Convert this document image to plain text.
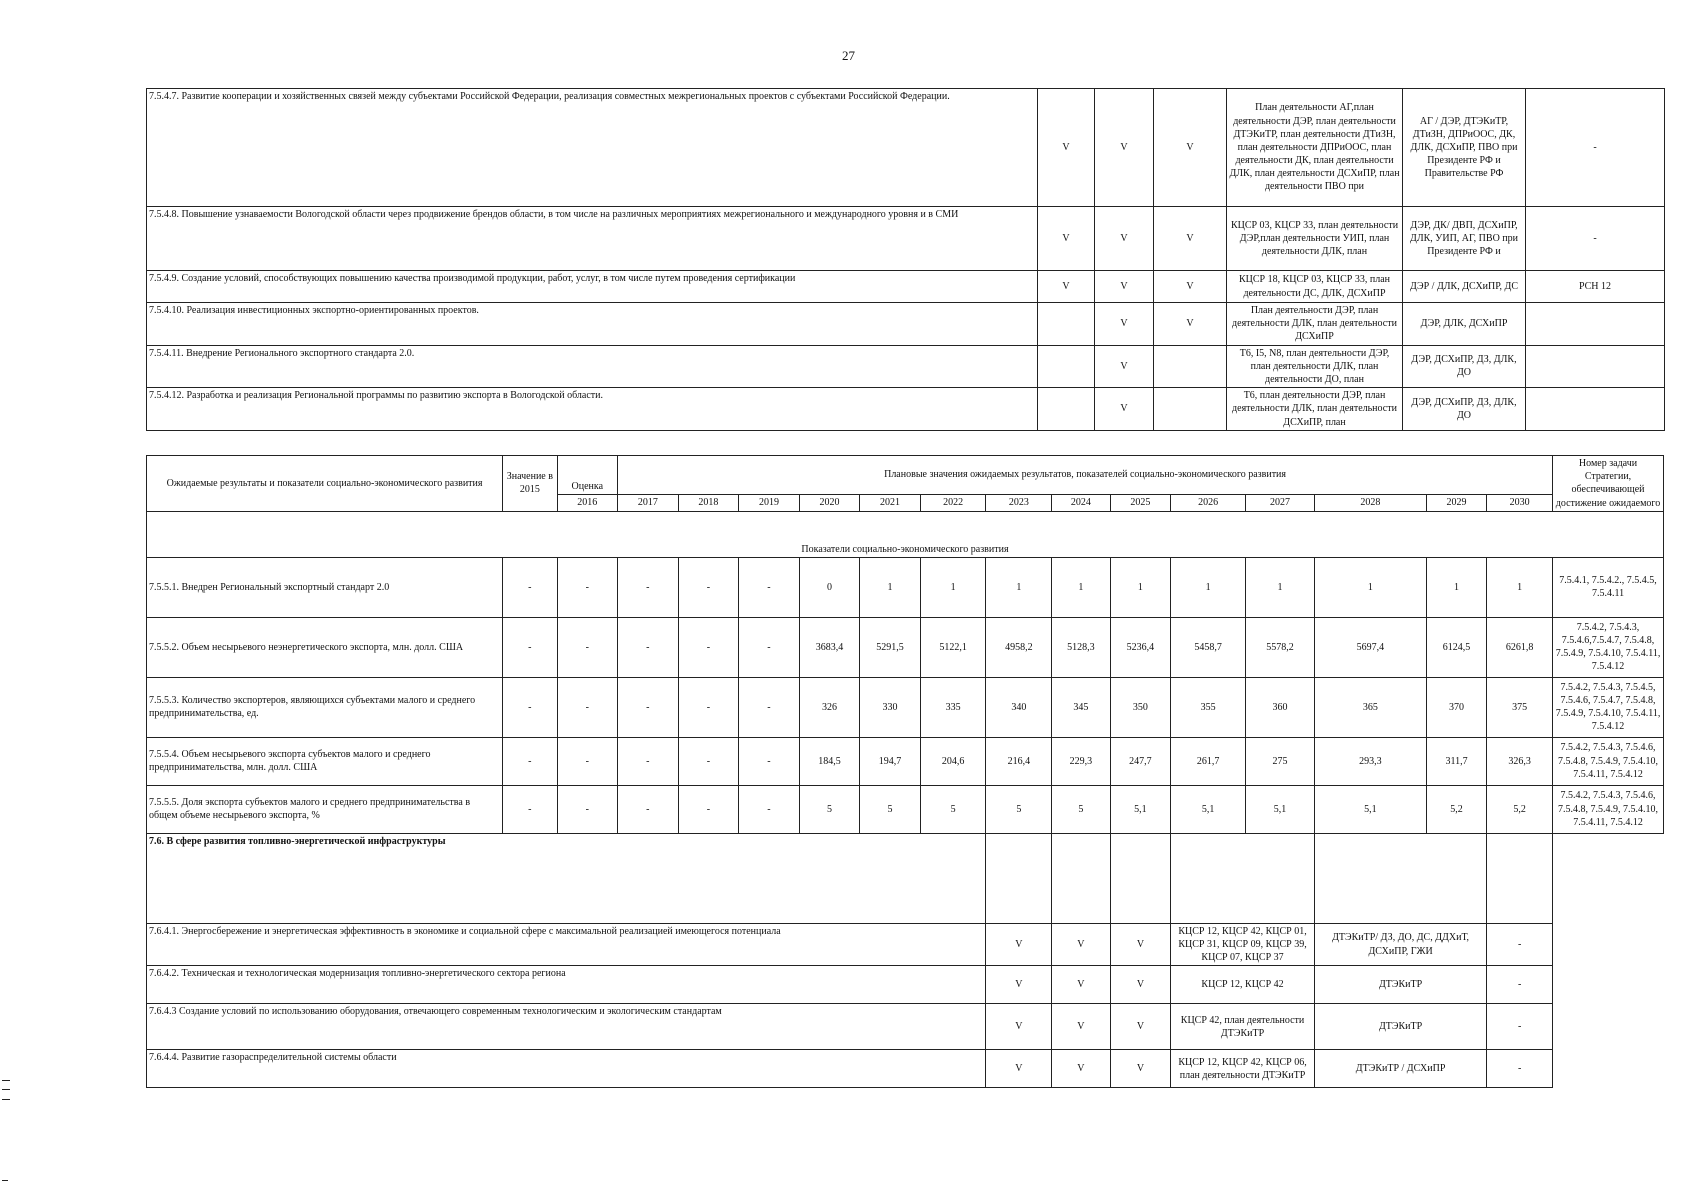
27
7.5.4.7. Развитие кооперации и хозяйственных связей между субъектами Российской Федерации, реализация совместных межрегиональных проектов с субъектами Российской Федерации.	V	V	V	План деятельности АГ,план деятельности ДЭР, план деятельности ДТЭКиТР, план деятельности ДТиЗН, план деятельности ДПРиООС, план деятельности ДК, план деятельности ДЛК, план деятельности ДСХиПР, план деятельности ПВО при	АГ / ДЭР, ДТЭКиТР, ДТиЗН, ДПРиООС, ДК, ДЛК, ДСХиПР, ПВО при Президенте РФ и Правительстве РФ	-
7.5.4.8. Повышение узнаваемости Вологодской области через продвижение брендов области, в том числе на различных мероприятиях межрегионального и международного уровня и в СМИ	V	V	V	КЦСР 03, КЦСР 33, план деятельности ДЭР,план деятельности УИП, план деятельности ДЛК, план	ДЭР, ДК/ ДВП, ДСХиПР, ДЛК, УИП, АГ, ПВО при Президенте РФ и	-
7.5.4.9. Создание условий, способствующих повышению качества производимой продукции, работ, услуг, в том числе путем проведения сертификации	V	V	V	КЦСР 18, КЦСР 03, КЦСР 33, план деятельности ДС, ДЛК, ДСХиПР	ДЭР / ДЛК, ДСХиПР, ДС	РСН 12
7.5.4.10. Реализация инвестиционных экспортно-ориентированных проектов.		V	V	План деятельности ДЭР, план деятельности ДЛК, план деятельности ДСХиПР	ДЭР, ДЛК, ДСХиПР	
7.5.4.11. Внедрение Регионального экспортного стандарта 2.0.		V		Т6, I5, N8, план деятельности ДЭР, план деятельности ДЛК, план деятельности ДО, план	ДЭР, ДСХиПР, ДЗ, ДЛК, ДО	
7.5.4.12. Разработка и реализация Региональной программы по развитию экспорта в Вологодской области.		V		Т6, план деятельности ДЭР, план деятельности ДЛК, план деятельности ДСХиПР, план	ДЭР, ДСХиПР, ДЗ, ДЛК, ДО	
Ожидаемые результаты и показатели социально-экономического развития	Значение в 2015	Оценка	Плановые значения ожидаемых результатов, показателей социально-экономического развития														Номер задачи Стратегии, обеспечивающей достижение ожидаемого

		2016	2017	2018	2019	2020	2021	2022	2023	2024	2025	2026	2027	2028	2029	2030	
Показатели социально-экономического развития																	
7.5.5.1. Внедрен Региональный экспортный стандарт 2.0	-	-	-	-	-	0	1	1	1	1	1	1	1	1	1	1	7.5.4.1, 7.5.4.2., 7.5.4.5, 7.5.4.11
7.5.5.2. Объем несырьевого неэнергетического экспорта, млн. долл. США	-	-	-	-	-	3683,4	5291,5	5122,1	4958,2	5128,3	5236,4	5458,7	5578,2	5697,4	6124,5	6261,8	7.5.4.2, 7.5.4.3, 7.5.4.6,7.5.4.7, 7.5.4.8, 7.5.4.9, 7.5.4.10, 7.5.4.11, 7.5.4.12
7.5.5.3. Количество экспортеров, являющихся субъектами малого и среднего предпринимательства, ед.	-	-	-	-	-	326	330	335	340	345	350	355	360	365	370	375	7.5.4.2, 7.5.4.3, 7.5.4.5, 7.5.4.6, 7.5.4.7, 7.5.4.8, 7.5.4.9, 7.5.4.10, 7.5.4.11, 7.5.4.12
7.5.5.4. Объем несырьевого экспорта субъектов малого и среднего предпринимательства, млн. долл. США	-	-	-	-	-	184,5	194,7	204,6	216,4	229,3	247,7	261,7	275	293,3	311,7	326,3	7.5.4.2, 7.5.4.3, 7.5.4.6, 7.5.4.8, 7.5.4.9, 7.5.4.10, 7.5.4.11, 7.5.4.12
7.5.5.5. Доля экспорта субъектов малого и среднего предпринимательства в общем объеме несырьевого экспорта, %	-	-	-	-	-	5	5	5	5	5	5,1	5,1	5,1	5,1	5,2	5,2	7.5.4.2, 7.5.4.3, 7.5.4.6, 7.5.4.8, 7.5.4.9, 7.5.4.10, 7.5.4.11, 7.5.4.12
7.6. В сфере развития топливно-энергетической инфраструктуры																	
7.6.4.1. Энергосбережение и энергетическая эффективность в экономике и социальной сфере с максимальной реализацией имеющегося потенциала									V	V	V	КЦСР 12, КЦСР 42, КЦСР 01, КЦСР 31, КЦСР 09, КЦСР 39, КЦСР 07, КЦСР 37		ДТЭКиТР/ ДЗ, ДО, ДС, ДДХиТ, ДСХиПР, ГЖИ		-	
7.6.4.2. Техническая и технологическая модернизация топливно-энергетического сектора региона									V	V	V	КЦСР 12, КЦСР 42		ДТЭКиТР		-	
7.6.4.3 Создание условий по использованию оборудования, отвечающего современным технологическим и экологическим стандартам									V	V	V	КЦСР 42, план деятельности ДТЭКиТР		ДТЭКиТР		-	
7.6.4.4. Развитие газораспределительной системы области									V	V	V	КЦСР 12, КЦСР 42, КЦСР 06, план деятельности ДТЭКиТР		ДТЭКиТР / ДСХиПР		-	
